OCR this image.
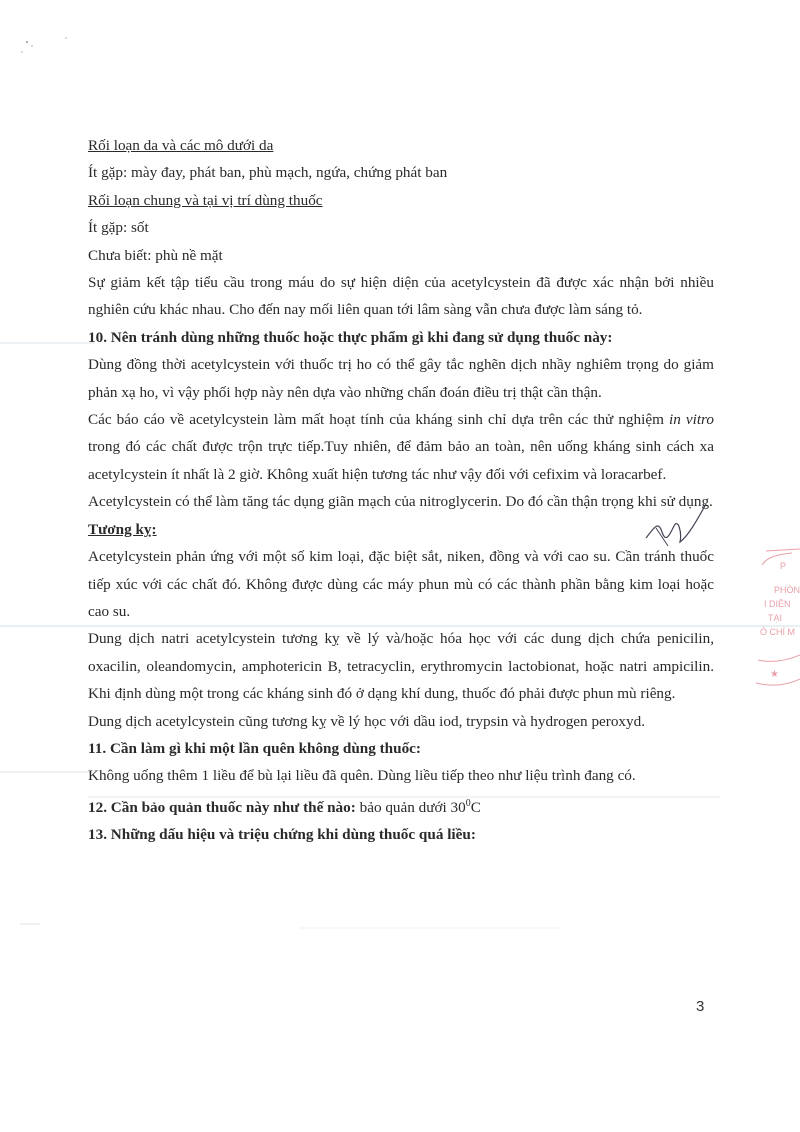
Rối loạn da và các mô dưới da

Ít gặp: mày đay, phát ban, phù mạch, ngứa, chứng phát ban

Rối loạn chung và tại vị trí dùng thuốc

Ít gặp: sốt

Chưa biết: phù nề mặt

Sự giảm kết tập tiểu cầu trong máu do sự hiện diện của acetylcystein đã được xác nhận bởi nhiều nghiên cứu khác nhau. Cho đến nay mối liên quan tới lâm sàng vẫn chưa được làm sáng tỏ.

10. Nên tránh dùng những thuốc hoặc thực phẩm gì khi đang sử dụng thuốc này:

Dùng đồng thời acetylcystein với thuốc trị ho có thể gây tắc nghẽn dịch nhầy nghiêm trọng do giảm phản xạ ho, vì vậy phối hợp này nên dựa vào những chẩn đoán điều trị thật cần thận.

Các báo cáo về acetylcystein làm mất hoạt tính của kháng sinh chỉ dựa trên các thử nghiệm in vitro trong đó các chất được trộn trực tiếp.Tuy nhiên, để đảm bảo an toàn, nên uống kháng sinh cách xa acetylcystein ít nhất là 2 giờ. Không xuất hiện tương tác như vậy đối với cefixim và loracarbef.

Acetylcystein có thể làm tăng tác dụng giãn mạch của nitroglycerin. Do đó cần thận trọng khi sử dụng.

Tương kỵ:

Acetylcystein phản ứng với một số kim loại, đặc biệt sắt, niken, đồng và với cao su. Cần tránh thuốc tiếp xúc với các chất đó. Không được dùng các máy phun mù có các thành phần bằng kim loại hoặc cao su.

Dung dịch natri acetylcystein tương kỵ về lý và/hoặc hóa học với các dung dịch chứa penicilin, oxacilin, oleandomycin, amphotericin B, tetracyclin, erythromycin lactobionat, hoặc natri ampicilin. Khi định dùng một trong các kháng sinh đó ở dạng khí dung, thuốc đó phải được phun mù riêng.

Dung dịch acetylcystein cũng tương kỵ về lý học với dầu iod, trypsin và hydrogen peroxyd.

11. Cần làm gì khi một lần quên không dùng thuốc:

Không uống thêm 1 liều để bù lại liều đã quên. Dùng liều tiếp theo như liệu trình đang có.

12. Cần bảo quản thuốc này như thế nào: bảo quản dưới $30^0C$

13. Những dấu hiệu và triệu chứng khi dùng thuốc quá liều:

P
PHÒN
I DIỆN
TẠI
Ó CHÍ M
★
3
